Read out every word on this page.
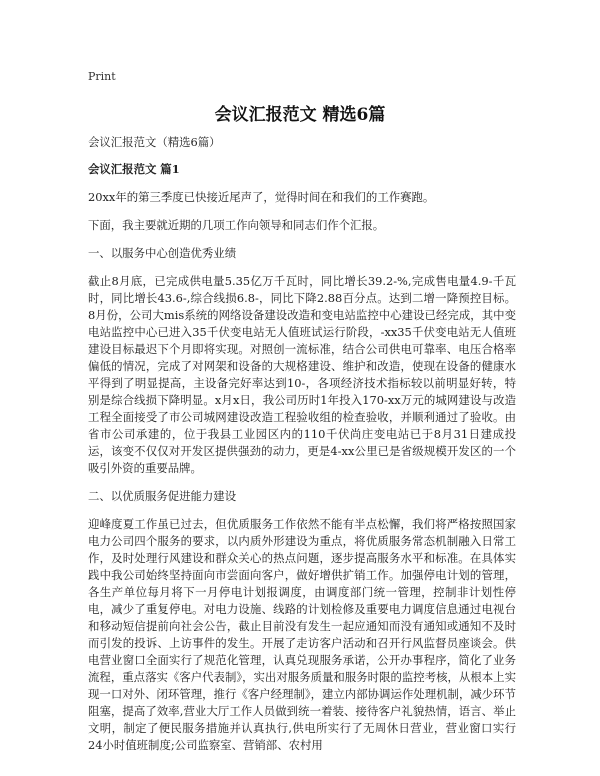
Print
会议汇报范文 精选6篇

会议汇报范文（精选6篇）

会议汇报范文 篇1

20xx年的第三季度已快接近尾声了，觉得时间在和我们的工作赛跑。

下面，我主要就近期的几项工作向领导和同志们作个汇报。

一、以服务中心创造优秀业绩

截止8月底，已完成供电量5.35亿万千瓦时，同比增长39.2-%,完成售电量4.9-千瓦时，同比增长43.6-,综合线损6.8-，同比下降2.88百分点。达到二增一降预控目标。8月份，公司大mis系统的网络设备建设改造和变电站监控中心建设已经完成，其中变电站监控中心已进入35千伏变电站无人值班试运行阶段，-xx35千伏变电站无人值班建设目标最迟下个月即将实现。对照创一流标准，结合公司供电可靠率、电压合格率偏低的情况，完成了对网架和设备的大规格建设、维护和改造，使现在设备的健康水平得到了明显提高，主设备完好率达到10-，各项经济技术指标较以前明显好转，特别是综合线损下降明显。x月x日，我公司历时1年投入170-xx万元的城网建设与改造工程全面接受了市公司城网建设改造工程验收组的检查验收，并顺利通过了验收。由省市公司承建的，位于我县工业园区内的110千伏尚庄变电站已于8月31日建成投运，该变不仅仅对开发区提供强劲的动力，更是4-xx公里已是省级规模开发区的一个吸引外资的重要品牌。

二、以优质服务促进能力建设

迎峰度夏工作虽已过去，但优质服务工作依然不能有半点松懈，我们将严格按照国家电力公司四个服务的要求，以内质外形建设为重点，将优质服务常态机制融入日常工作，及时处理行风建设和群众关心的热点问题，逐步提高服务水平和标准。在具体实践中我公司始终坚持面向市尝面向客户，做好增供扩销工作。加强停电计划的管理，各生产单位每月将下一月停电计划报调度，由调度部门统一管理，控制非计划性停电，减少了重复停电。对电力设施、线路的计划检修及重要电力调度信息通过电视台和移动短信提前向社会公告，截止目前没有发生一起应通知而没有通知或通知不及时而引发的投诉、上访事件的发生。开展了走访客户活动和召开行风监督员座谈会。供电营业窗口全面实行了规范化管理，认真兑现服务承诺，公开办事程序，简化了业务流程，重点落实《客户代表制》，实出对服务质量和服务时限的监控考核，从根本上实现一口对外、闭环管理，推行《客户经理制》，建立内部协调运作处理机制，减少环节阻塞，提高了效率,营业大厅工作人员做到统一着装、接待客户礼貌热情，语言、举止文明，制定了便民服务措施并认真执行,供电所实行了无周休日营业，营业窗口实行24小时值班制度;公司监察室、营销部、农村用
